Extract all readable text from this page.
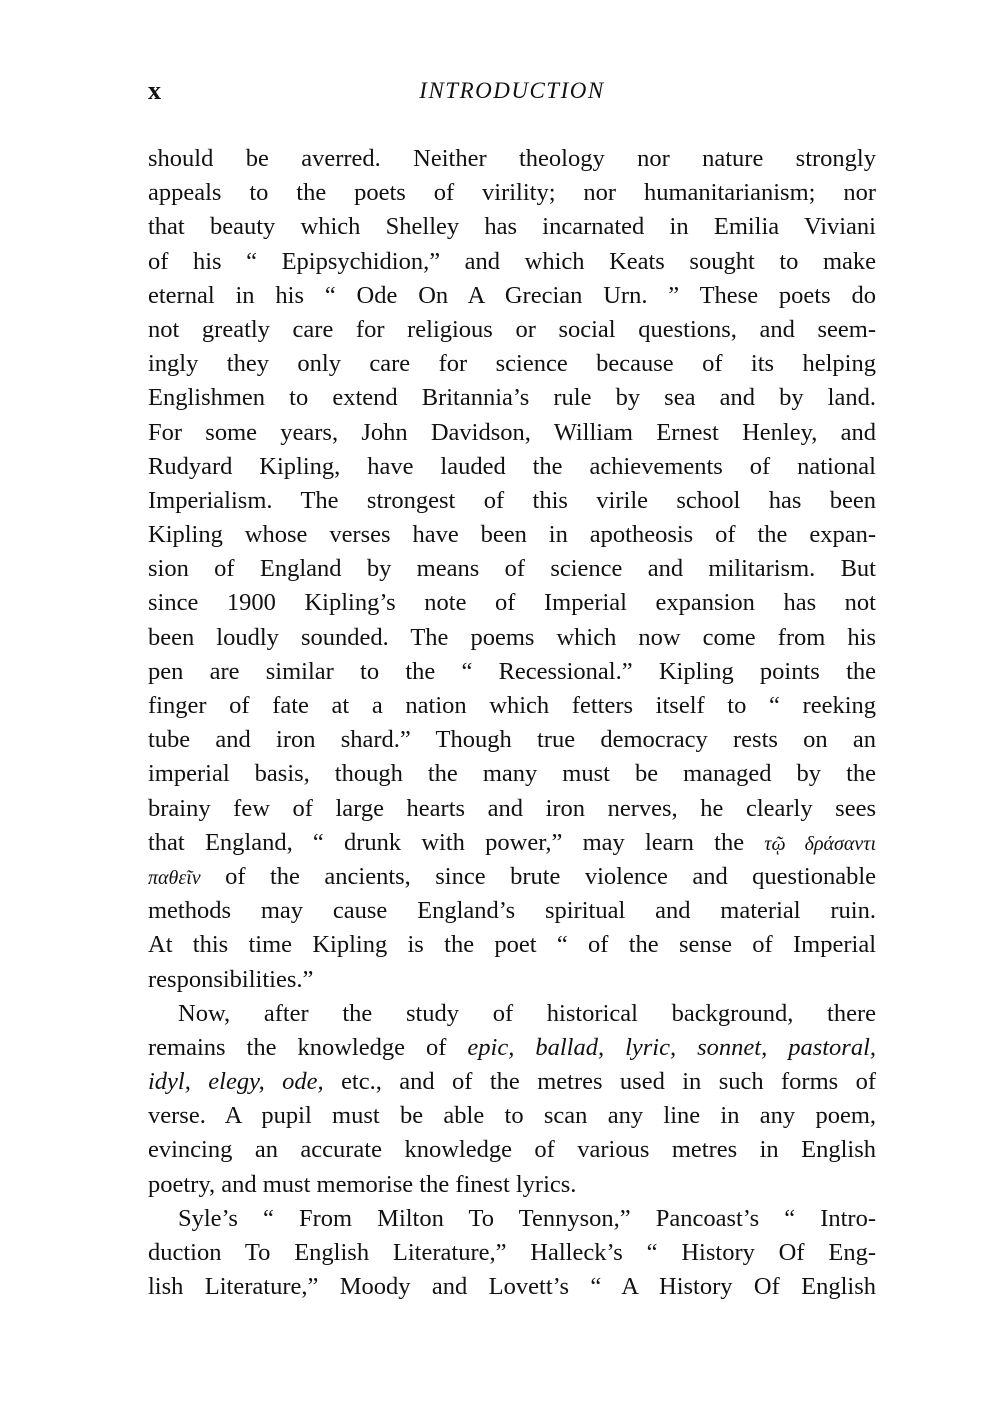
x	INTRODUCTION
should be averred. Neither theology nor nature strongly
appeals to the poets of virility; nor humanitarianism; nor
that beauty which Shelley has incarnated in Emilia Viviani
of his “ Epipsychidion,” and which Keats sought to make
eternal in his “ Ode On A Grecian Urn. ” These poets do
not greatly care for religious or social questions, and seem-
ingly they only care for science because of its helping
Englishmen to extend Britannia’s rule by sea and by land.
For some years, John Davidson, William Ernest Henley, and
Rudyard Kipling, have lauded the achievements of national
Imperialism. The strongest of this virile school has been
Kipling whose verses have been in apotheosis of the expan-
sion of England by means of science and militarism. But
since 1900 Kipling’s note of Imperial expansion has not
been loudly sounded. The poems which now come from his
pen are similar to the “ Recessional.” Kipling points the
finger of fate at a nation which fetters itself to “ reeking
tube and iron shard.” Though true democracy rests on an
imperial basis, though the many must be managed by the
brainy few of large hearts and iron nerves, he clearly sees
that England, “ drunk with power,” may learn the τῷ δράσαντι
παθεῖν of the ancients, since brute violence and questionable
methods may cause England’s spiritual and material ruin.
At this time Kipling is the poet “ of the sense of Imperial
responsibilities.”
Now, after the study of historical background, there
remains the knowledge of epic, ballad, lyric, sonnet, pastoral,
idyl, elegy, ode, etc., and of the metres used in such forms of
verse. A pupil must be able to scan any line in any poem,
evincing an accurate knowledge of various metres in English
poetry, and must memorise the finest lyrics.
Syle’s “ From Milton To Tennyson,” Pancoast’s “ Intro-
duction To English Literature,” Halleck’s “ History Of Eng-
lish Literature,” Moody and Lovett’s “ A History Of English
